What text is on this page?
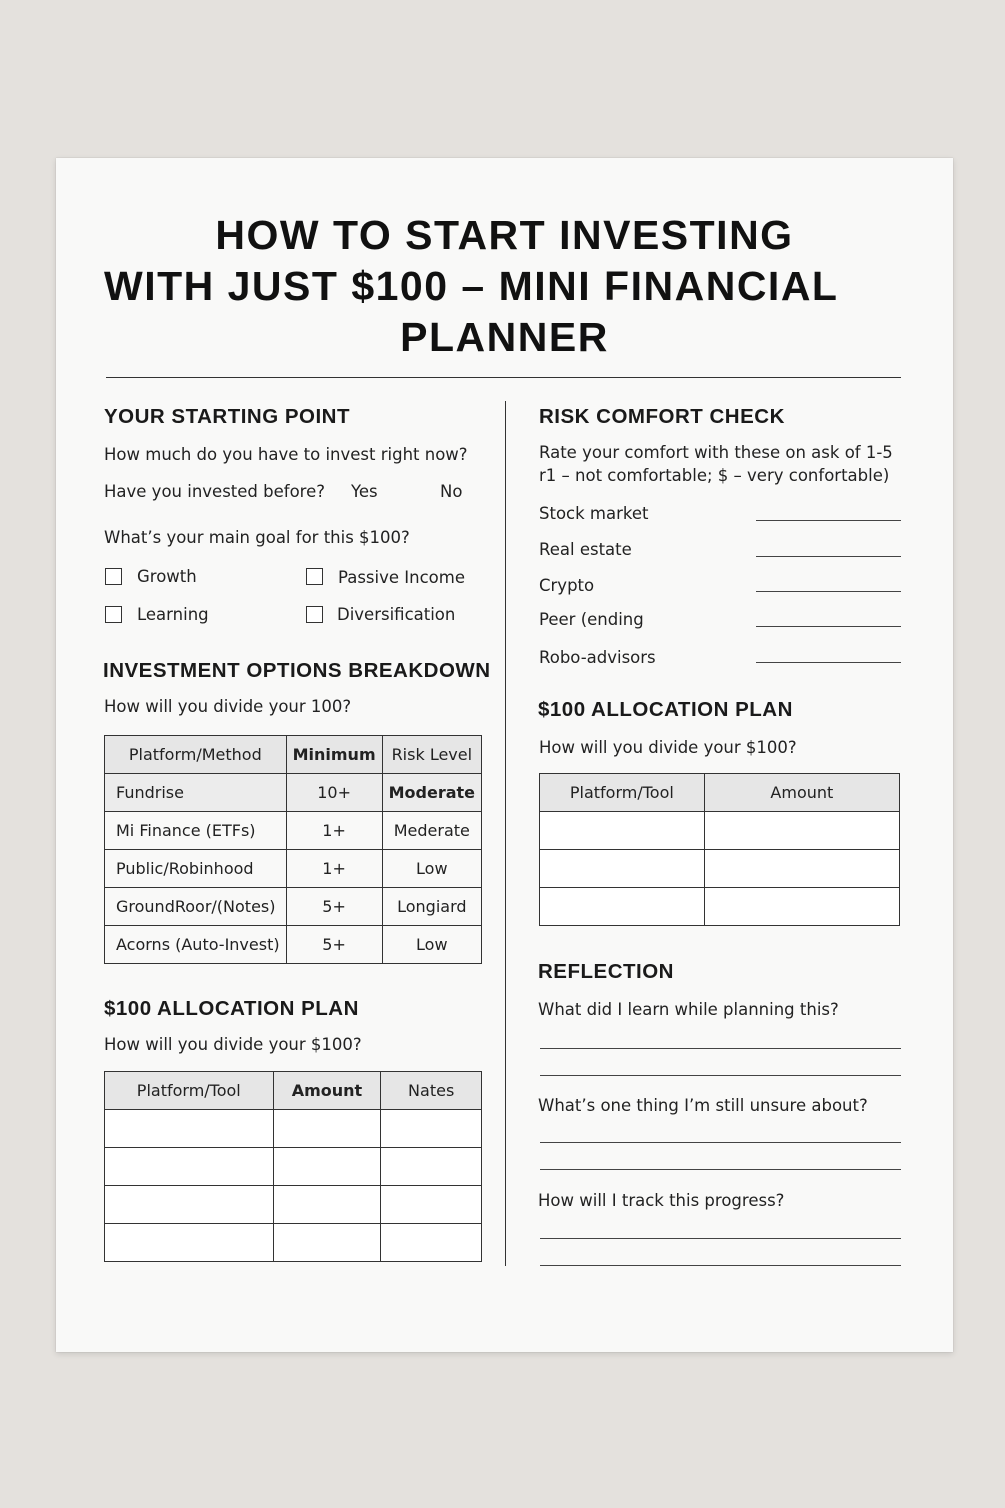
HOW TO START INVESTING
WITH JUST $100 – MINI FINANCIAL
PLANNER
YOUR STARTING POINT
How much do you have to invest right now?
Have you invested before? Yes	No
What’s your main goal for this $100?
Growth	Passive Income
Learning	Diversification
INVESTMENT OPTIONS BREAKDOWN
How will you divide your 100?
Platform/Method	Minimum	Risk Level
Fundrise	10+	Moderate
Mi Finance (ETFs)	1+	Mederate
Public/Robinhood	1+	Low
GroundRoor/(Notes)	5+	Longiard
Acorns (Auto-Invest)	5+	Low
$100 ALLOCATION PLAN
How will you divide your $100?
Platform/Tool	Amount	Nates

RISK COMFORT CHECK
Rate your comfort with these on ask of 1-5
r1 – not comfortable; $ – very confortable)
Stock market
Real estate
Crypto
Peer (ending
Robo-advisors
$100 ALLOCATION PLAN
How will you divide your $100?
Platform/Tool	Amount

REFLECTION
What did I learn while planning this?
What’s one thing I’m still unsure about?
How will I track this progress?
